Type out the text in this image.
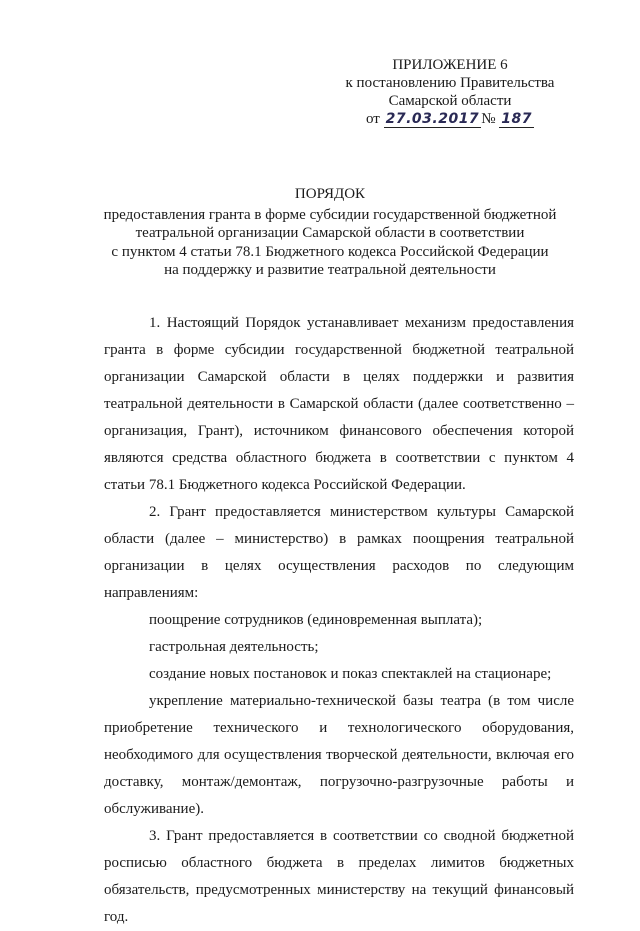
ПРИЛОЖЕНИЕ 6
к постановлению Правительства
Самарской области
от 27.03.2017 № 187
ПОРЯДОК
предоставления гранта в форме субсидии государственной бюджетной
театральной организации Самарской области в соответствии
с пунктом 4 статьи 78.1 Бюджетного кодекса Российской Федерации
на поддержку и развитие театральной деятельности
1. Настоящий Порядок устанавливает механизм предоставления гранта в форме субсидии государственной бюджетной театральной организации Самарской области в целях поддержки и развития театральной деятельности в Самарской области (далее соответственно – организация, Грант), источником финансового обеспечения которой являются средства областного бюджета в соответствии с пунктом 4 статьи 78.1 Бюджетного кодекса Российской Федерации.
2. Грант предоставляется министерством культуры Самарской области (далее – министерство) в рамках поощрения театральной организации в целях осуществления расходов по следующим направлениям:
поощрение сотрудников (единовременная выплата);
гастрольная деятельность;
создание новых постановок и показ спектаклей на стационаре;
укрепление материально-технической базы театра (в том числе приобретение технического и технологического оборудования, необходимого для осуществления творческой деятельности, включая его доставку, монтаж/демонтаж, погрузочно-разгрузочные работы и обслуживание).
3. Грант предоставляется в соответствии со сводной бюджетной росписью областного бюджета в пределах лимитов бюджетных обязательств, предусмотренных министерству на текущий финансовый год.
